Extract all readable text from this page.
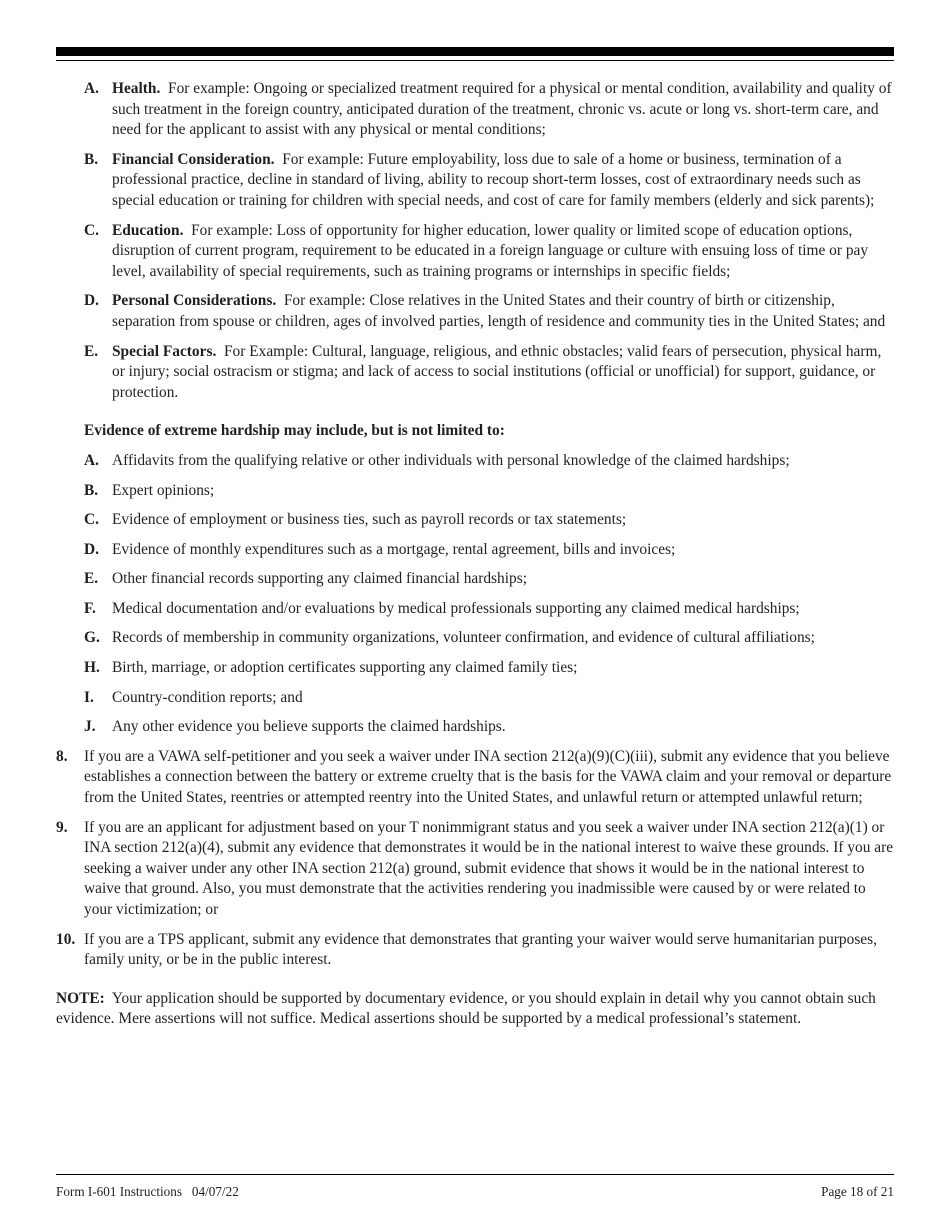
A. Health. For example: Ongoing or specialized treatment required for a physical or mental condition, availability and quality of such treatment in the foreign country, anticipated duration of the treatment, chronic vs. acute or long vs. short-term care, and need for the applicant to assist with any physical or mental conditions;
B. Financial Consideration. For example: Future employability, loss due to sale of a home or business, termination of a professional practice, decline in standard of living, ability to recoup short-term losses, cost of extraordinary needs such as special education or training for children with special needs, and cost of care for family members (elderly and sick parents);
C. Education. For example: Loss of opportunity for higher education, lower quality or limited scope of education options, disruption of current program, requirement to be educated in a foreign language or culture with ensuing loss of time or pay level, availability of special requirements, such as training programs or internships in specific fields;
D. Personal Considerations. For example: Close relatives in the United States and their country of birth or citizenship, separation from spouse or children, ages of involved parties, length of residence and community ties in the United States; and
E. Special Factors. For Example: Cultural, language, religious, and ethnic obstacles; valid fears of persecution, physical harm, or injury; social ostracism or stigma; and lack of access to social institutions (official or unofficial) for support, guidance, or protection.

Evidence of extreme hardship may include, but is not limited to:

A. Affidavits from the qualifying relative or other individuals with personal knowledge of the claimed hardships;
B. Expert opinions;
C. Evidence of employment or business ties, such as payroll records or tax statements;
D. Evidence of monthly expenditures such as a mortgage, rental agreement, bills and invoices;
E. Other financial records supporting any claimed financial hardships;
F. Medical documentation and/or evaluations by medical professionals supporting any claimed medical hardships;
G. Records of membership in community organizations, volunteer confirmation, and evidence of cultural affiliations;
H. Birth, marriage, or adoption certificates supporting any claimed family ties;
I. Country-condition reports; and
J. Any other evidence you believe supports the claimed hardships.
8. If you are a VAWA self-petitioner and you seek a waiver under INA section 212(a)(9)(C)(iii), submit any evidence that you believe establishes a connection between the battery or extreme cruelty that is the basis for the VAWA claim and your removal or departure from the United States, reentries or attempted reentry into the United States, and unlawful return or attempted unlawful return;
9. If you are an applicant for adjustment based on your T nonimmigrant status and you seek a waiver under INA section 212(a)(1) or INA section 212(a)(4), submit any evidence that demonstrates it would be in the national interest to waive these grounds. If you are seeking a waiver under any other INA section 212(a) ground, submit evidence that shows it would be in the national interest to waive that ground. Also, you must demonstrate that the activities rendering you inadmissible were caused by or were related to your victimization; or
10. If you are a TPS applicant, submit any evidence that demonstrates that granting your waiver would serve humanitarian purposes, family unity, or be in the public interest.

NOTE: Your application should be supported by documentary evidence, or you should explain in detail why you cannot obtain such evidence. Mere assertions will not suffice. Medical assertions should be supported by a medical professional’s statement.

Form I-601 Instructions   04/07/22	Page 18 of 21
